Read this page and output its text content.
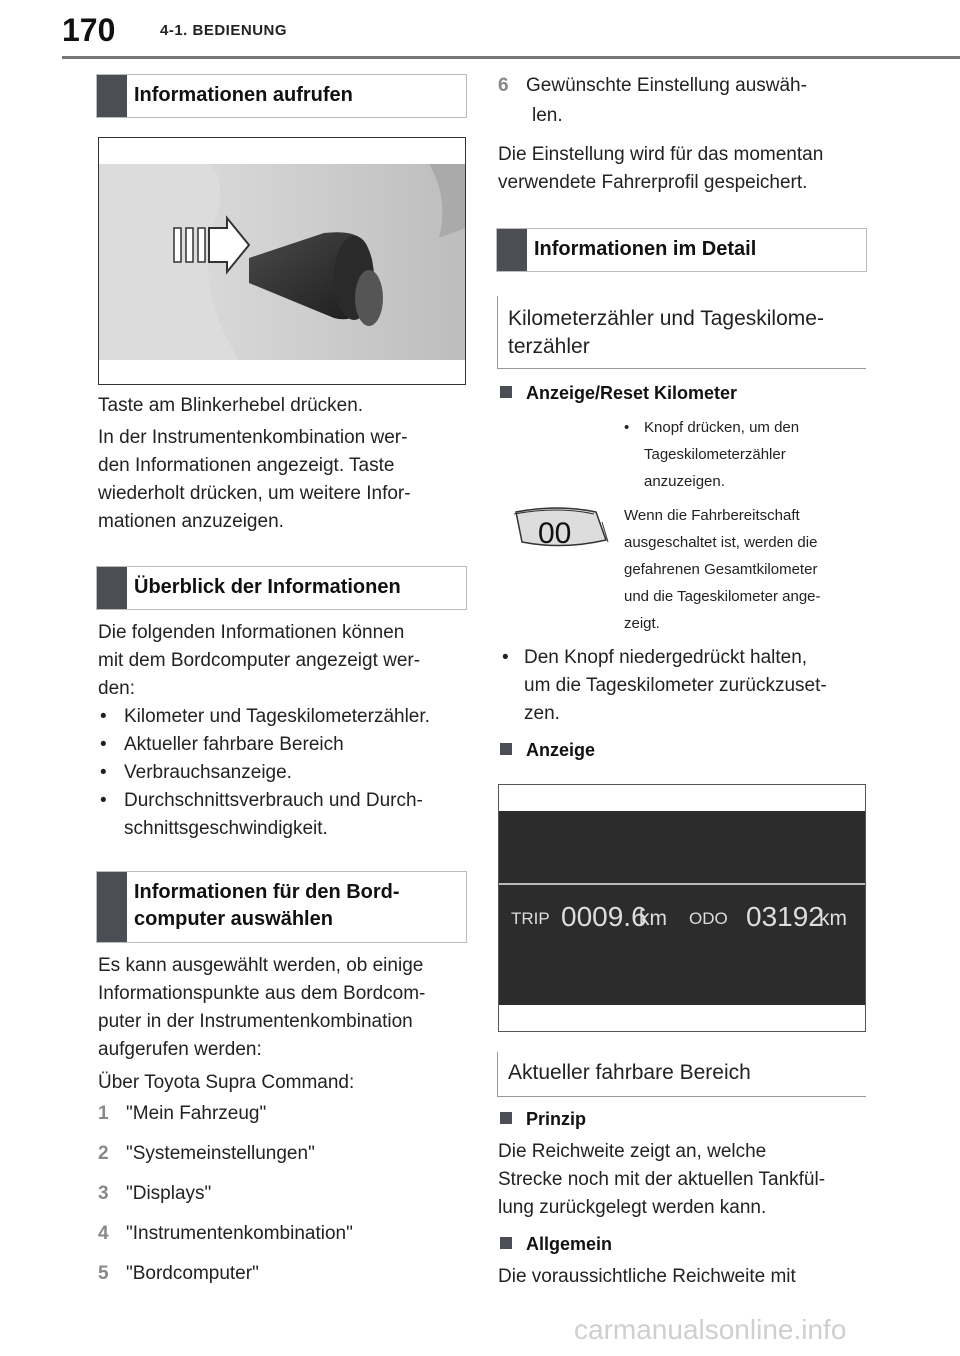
170	4-1. BEDIENUNG
Informationen aufrufen
Taste am Blinkerhebel drücken.
In der Instrumentenkombination wer-
den Informationen angezeigt. Taste
wiederholt drücken, um weitere Infor-
mationen anzuzeigen.
Überblick der Informationen
Die folgenden Informationen können
mit dem Bordcomputer angezeigt wer-
den:
• Kilometer und Tageskilometerzähler.
• Aktueller fahrbare Bereich
• Verbrauchsanzeige.
• Durchschnittsverbrauch und Durch-
schnittsgeschwindigkeit.
Informationen für den Bord-
computer auswählen
Es kann ausgewählt werden, ob einige
Informationspunkte aus dem Bordcom-
puter in der Instrumentenkombination
aufgerufen werden:
Über Toyota Supra Command:
1 "Mein Fahrzeug"
2 "Systemeinstellungen"
3 "Displays"
4 "Instrumentenkombination"
5 "Bordcomputer"
6 Gewünschte Einstellung auswäh-
len.
Die Einstellung wird für das momentan
verwendete Fahrerprofil gespeichert.
Informationen im Detail
Kilometerzähler und Tageskilome-
terzähler
Anzeige/Reset Kilometer
• Knopf drücken, um den
Tageskilometerzähler
anzuzeigen.
00
Wenn die Fahrbereitschaft
ausgeschaltet ist, werden die
gefahrenen Gesamtkilometer
und die Tageskilometer ange-
zeigt.
• Den Knopf niedergedrückt halten,
um die Tageskilometer zurückzuset-
zen.
Anzeige
TRIP 0009.6
km ODO 03192
km
Aktueller fahrbare Bereich
Prinzip
Die Reichweite zeigt an, welche
Strecke noch mit der aktuellen Tankfül-
lung zurückgelegt werden kann.
Allgemein
Die voraussichtliche Reichweite mit
carmanualsonline.info
